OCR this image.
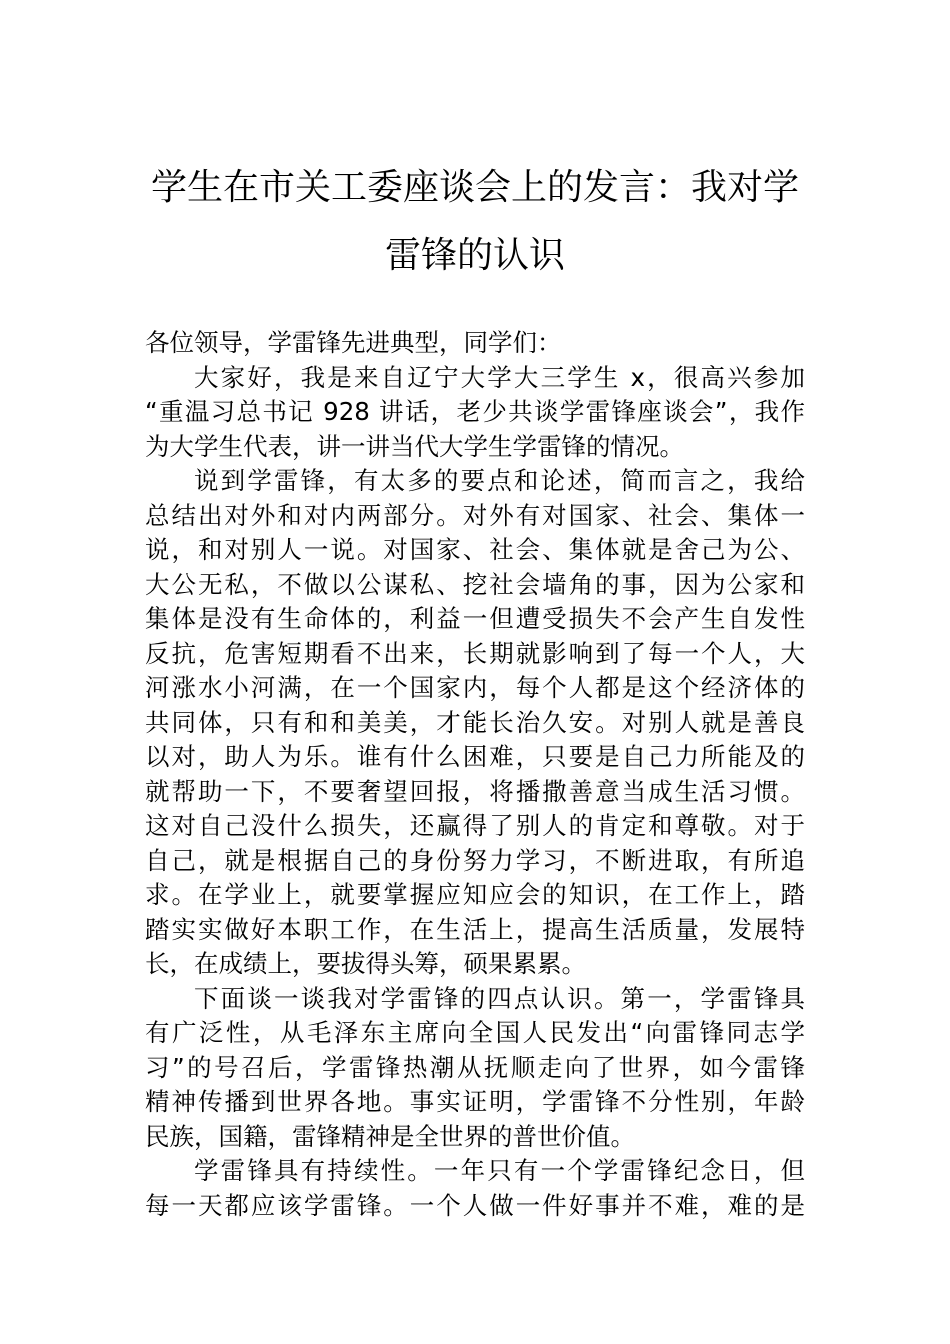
学生在市关工委座谈会上的发言：我对学
雷锋的认识
各位领导，学雷锋先进典型，同学们：
大家好，我是来自辽宁大学大三学生 x，很高兴参加
“重温习总书记 928 讲话，老少共谈学雷锋座谈会”，我作
为大学生代表，讲一讲当代大学生学雷锋的情况。
说到学雷锋，有太多的要点和论述，简而言之，我给
总结出对外和对内两部分。对外有对国家、社会、集体一
说，和对别人一说。对国家、社会、集体就是舍己为公、
大公无私，不做以公谋私、挖社会墙角的事，因为公家和
集体是没有生命体的，利益一但遭受损失不会产生自发性
反抗，危害短期看不出来，长期就影响到了每一个人，大
河涨水小河满，在一个国家内，每个人都是这个经济体的
共同体，只有和和美美，才能长治久安。对别人就是善良
以对，助人为乐。谁有什么困难，只要是自己力所能及的
就帮助一下，不要奢望回报，将播撒善意当成生活习惯。
这对自己没什么损失，还赢得了别人的肯定和尊敬。对于
自己，就是根据自己的身份努力学习，不断进取，有所追
求。在学业上，就要掌握应知应会的知识，在工作上，踏
踏实实做好本职工作，在生活上，提高生活质量，发展特
长，在成绩上，要拔得头筹，硕果累累。
下面谈一谈我对学雷锋的四点认识。第一，学雷锋具
有广泛性，从毛泽东主席向全国人民发出“向雷锋同志学
习”的号召后，学雷锋热潮从抚顺走向了世界，如今雷锋
精神传播到世界各地。事实证明，学雷锋不分性别，年龄
民族，国籍，雷锋精神是全世界的普世价值。
学雷锋具有持续性。一年只有一个学雷锋纪念日，但
每一天都应该学雷锋。一个人做一件好事并不难，难的是
